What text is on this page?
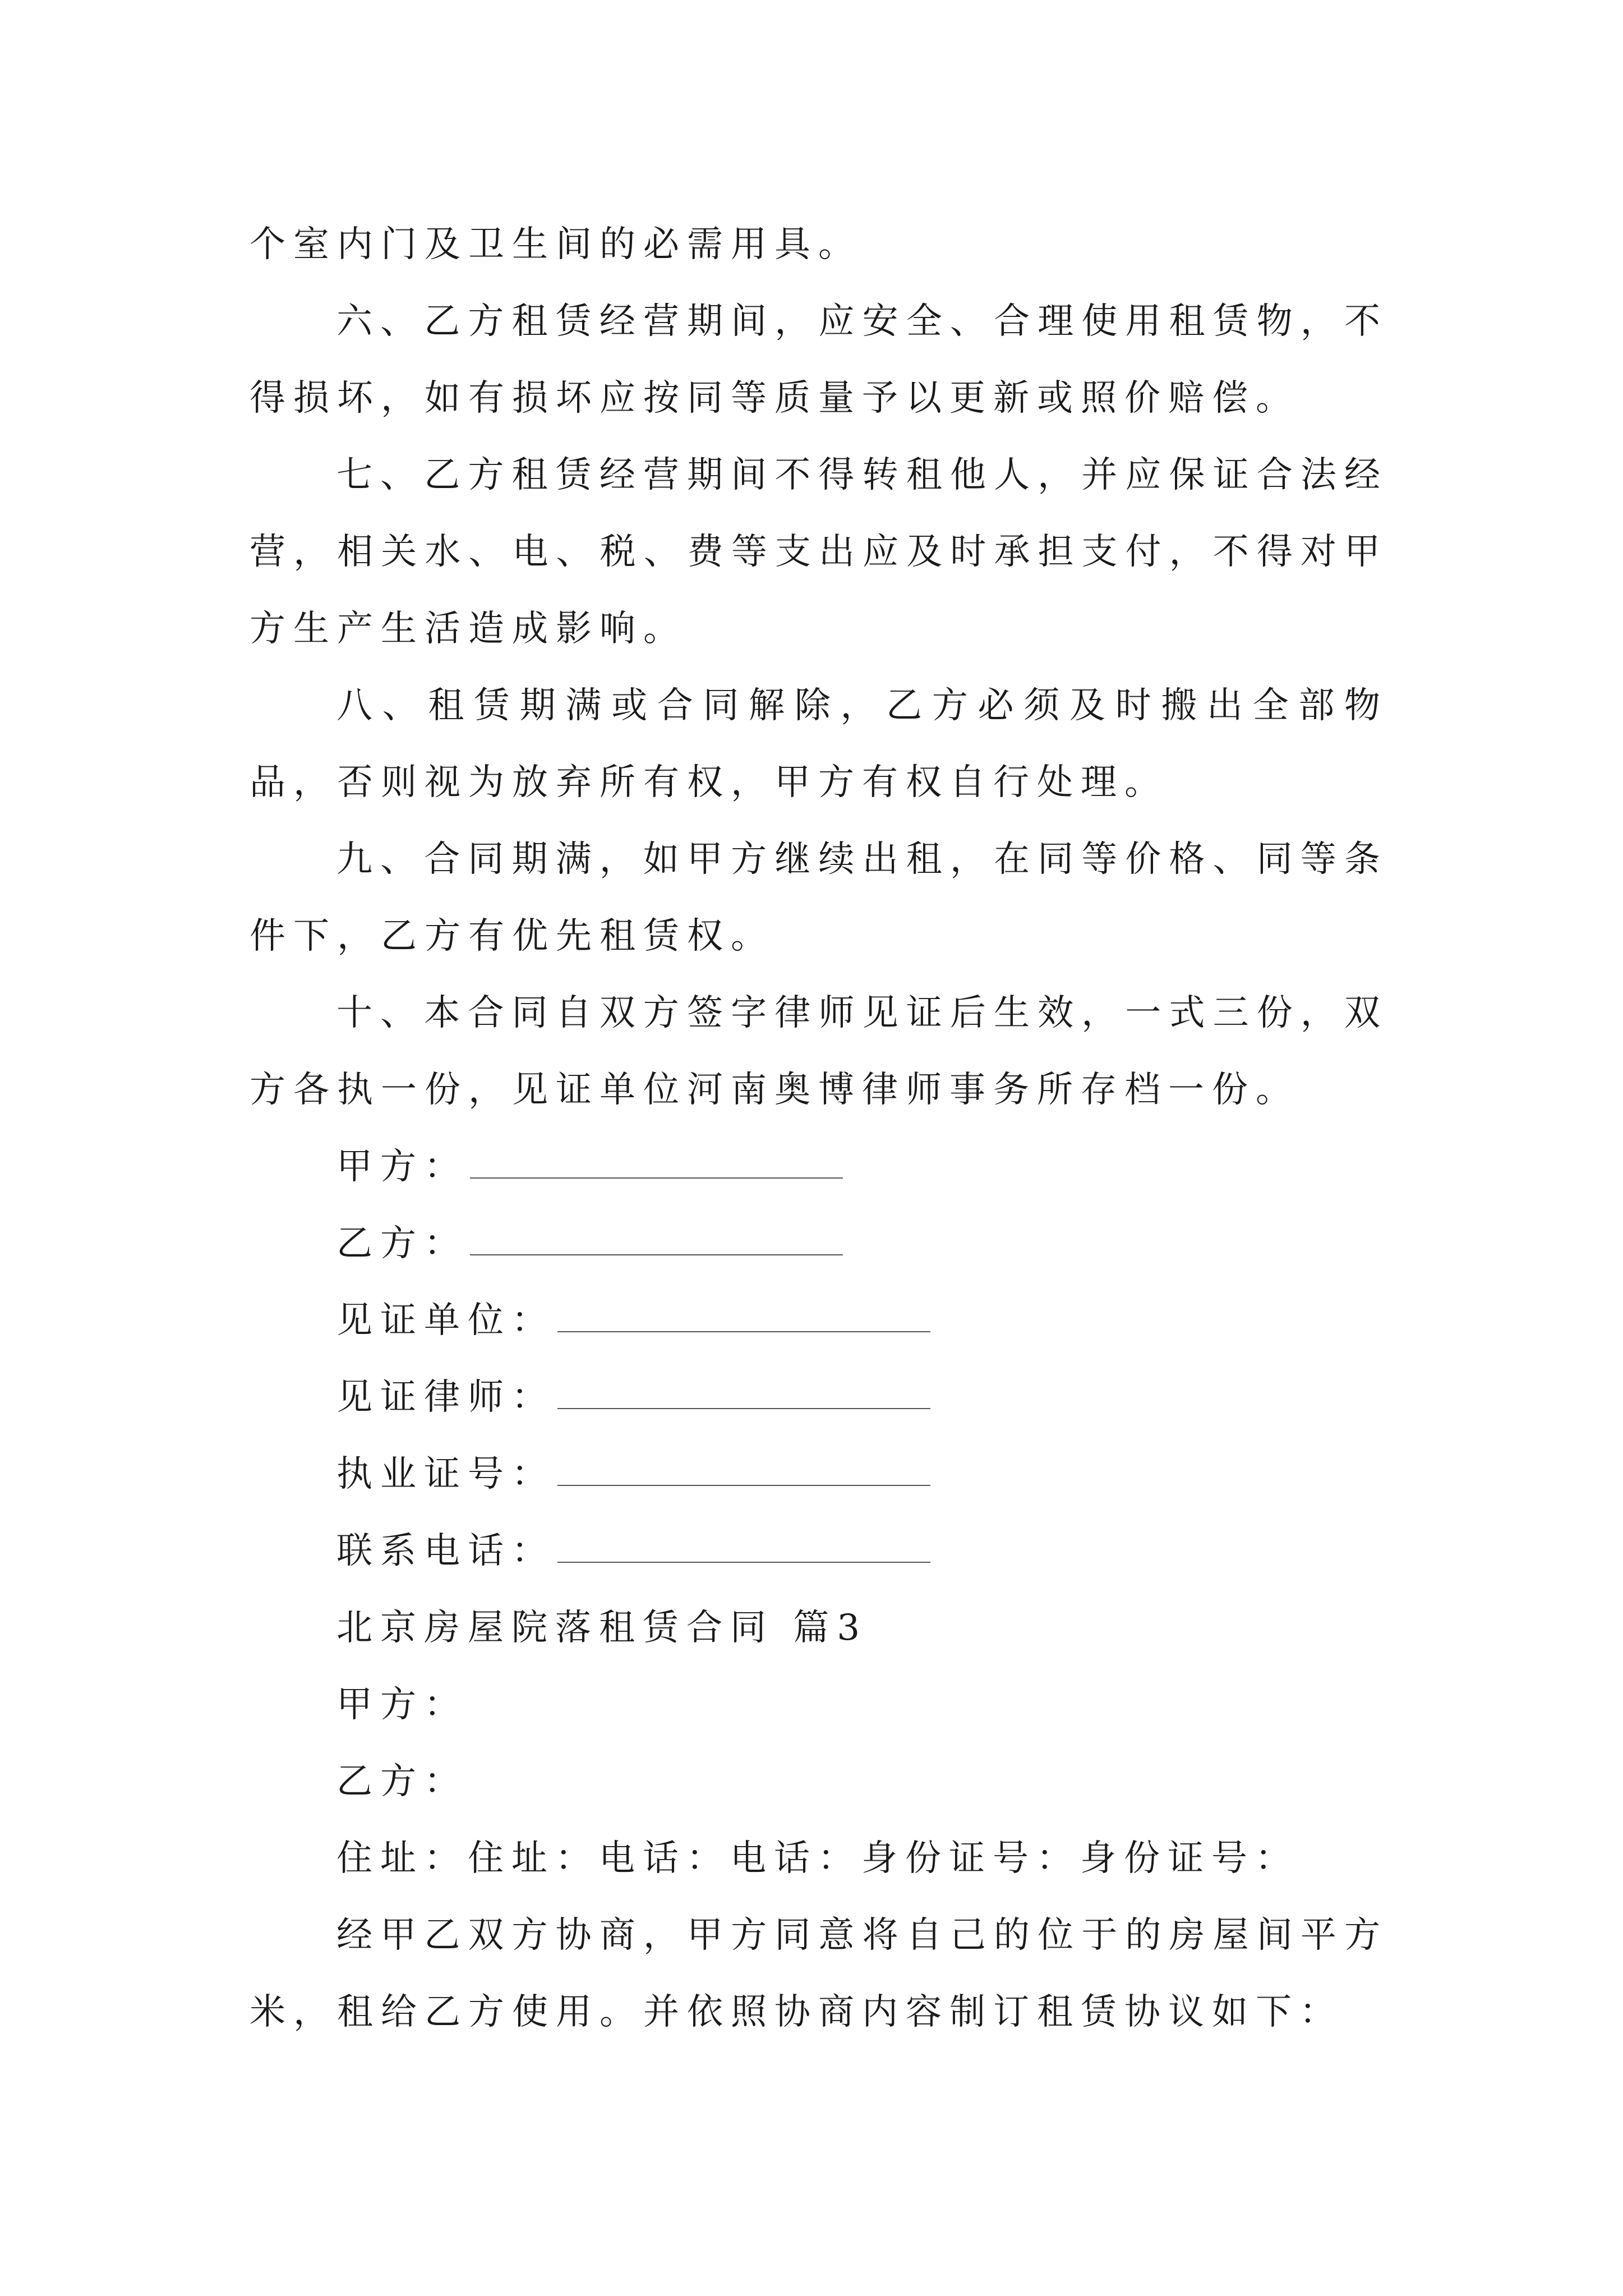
个室内门及卫生间的必需用具。

六、乙方租赁经营期间，应安全、合理使用租赁物，不得损坏，如有损坏应按同等质量予以更新或照价赔偿。

七、乙方租赁经营期间不得转租他人，并应保证合法经营，相关水、电、税、费等支出应及时承担支付，不得对甲方生产生活造成影响。

八、租赁期满或合同解除，乙方必须及时搬出全部物品，否则视为放弃所有权，甲方有权自行处理。

九、合同期满，如甲方继续出租，在同等价格、同等条件下，乙方有优先租赁权。

十、本合同自双方签字律师见证后生效，一式三份，双方各执一份，见证单位河南奥博律师事务所存档一份。

甲方：

乙方：

见证单位：

见证律师：

执业证号：

联系电话：

北京房屋院落租赁合同 篇3

甲方：

乙方：

住址：住址：电话：电话：身份证号：身份证号：

经甲乙双方协商，甲方同意将自己的位于的房屋间平方米，租给乙方使用。并依照协商内容制订租赁协议如下：
